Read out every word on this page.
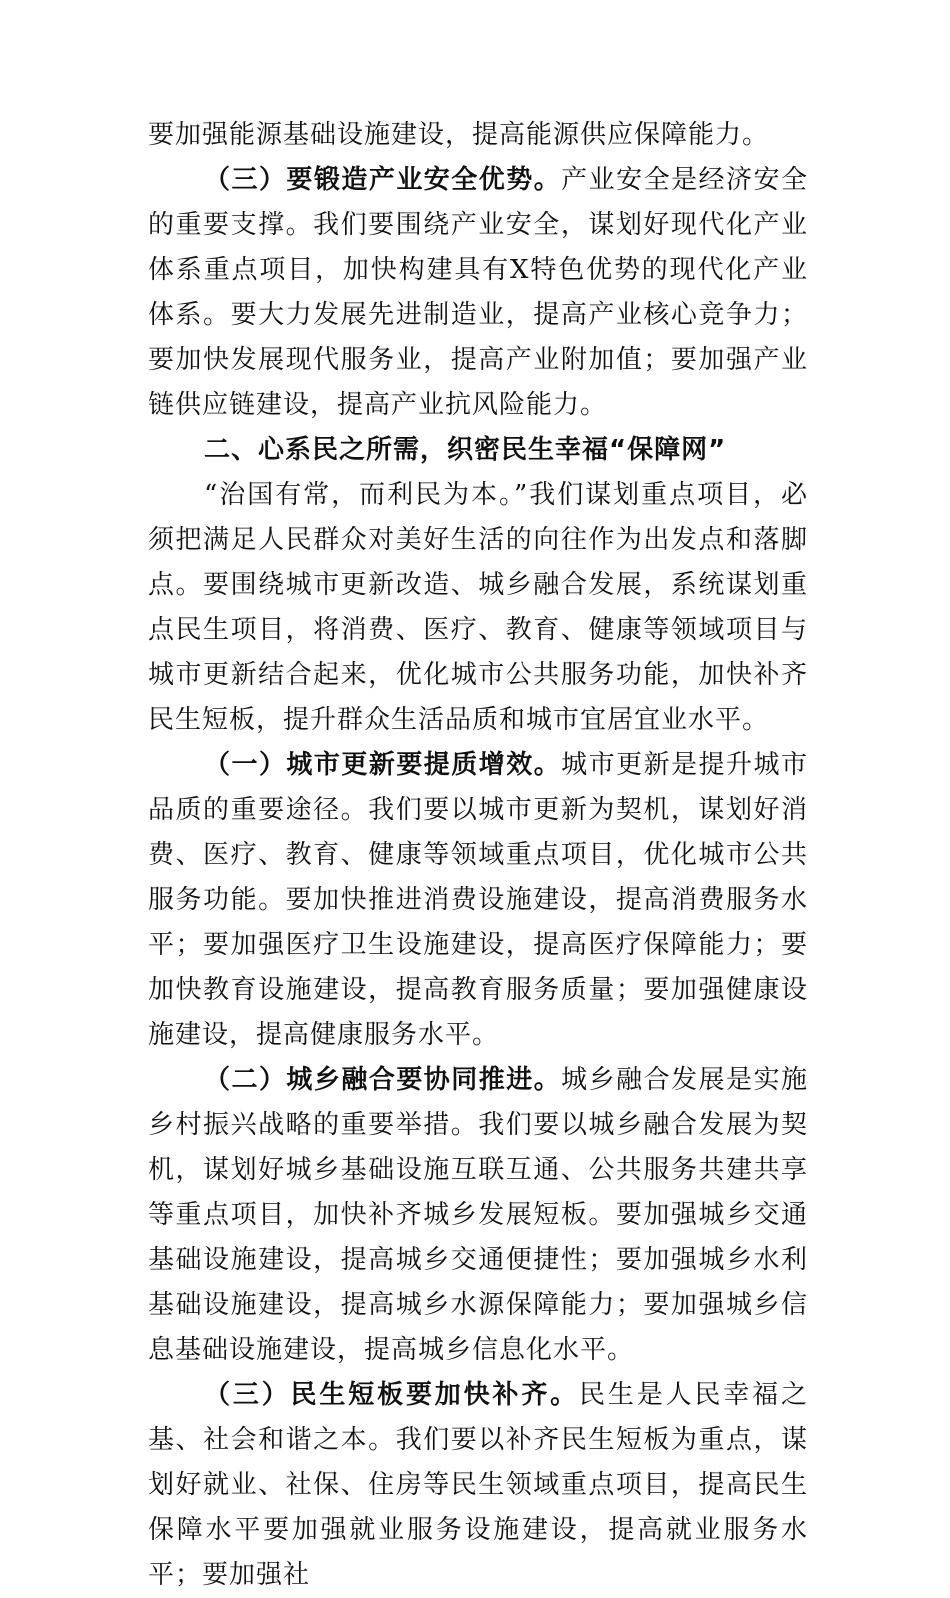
要加强能源基础设施建设，提高能源供应保障能力。

（三）要锻造产业安全优势。产业安全是经济安全的重要支撑。我们要围绕产业安全，谋划好现代化产业体系重点项目，加快构建具有X特色优势的现代化产业体系。要大力发展先进制造业，提高产业核心竞争力；要加快发展现代服务业，提高产业附加值；要加强产业链供应链建设，提高产业抗风险能力。

二、心系民之所需，织密民生幸福“保障网”

“治国有常，而利民为本。”我们谋划重点项目，必须把满足人民群众对美好生活的向往作为出发点和落脚点。要围绕城市更新改造、城乡融合发展，系统谋划重点民生项目，将消费、医疗、教育、健康等领域项目与城市更新结合起来，优化城市公共服务功能，加快补齐民生短板，提升群众生活品质和城市宜居宜业水平。

（一）城市更新要提质增效。城市更新是提升城市品质的重要途径。我们要以城市更新为契机，谋划好消费、医疗、教育、健康等领域重点项目，优化城市公共服务功能。要加快推进消费设施建设，提高消费服务水平；要加强医疗卫生设施建设，提高医疗保障能力；要加快教育设施建设，提高教育服务质量；要加强健康设施建设，提高健康服务水平。

（二）城乡融合要协同推进。城乡融合发展是实施乡村振兴战略的重要举措。我们要以城乡融合发展为契机，谋划好城乡基础设施互联互通、公共服务共建共享等重点项目，加快补齐城乡发展短板。要加强城乡交通基础设施建设，提高城乡交通便捷性；要加强城乡水利基础设施建设，提高城乡水源保障能力；要加强城乡信息基础设施建设，提高城乡信息化水平。

（三）民生短板要加快补齐。民生是人民幸福之基、社会和谐之本。我们要以补齐民生短板为重点，谋划好就业、社保、住房等民生领域重点项目，提高民生保障水平要加强就业服务设施建设，提高就业服务水平；要加强社
